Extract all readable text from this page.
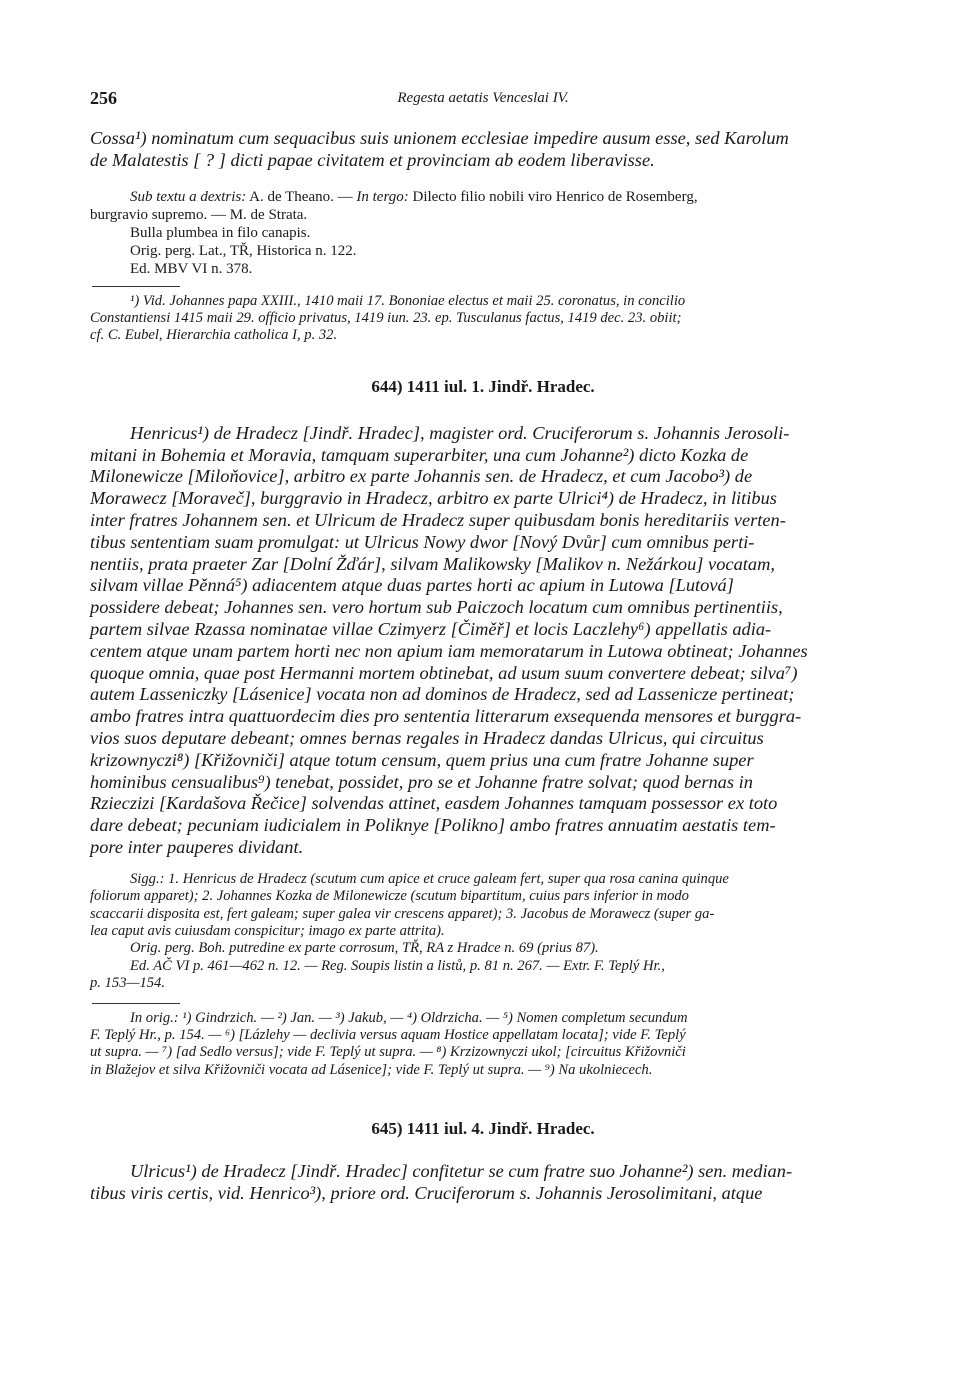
256	Regesta aetatis Venceslai IV.

Cossa¹) nominatum cum sequacibus suis unionem ecclesiae impedire ausum esse, sed Karolum

de Malatestis [ ? ] dicti papae civitatem et provinciam ab eodem liberavisse.

Sub textu a dextris: A. de Theano. — In tergo: Dilecto filio nobili viro Henrico de Rosemberg,

burgravio supremo. — M. de Strata.

Bulla plumbea in filo canapis.

Orig. perg. Lat., TŘ, Historica n. 122.

Ed. MBV VI n. 378.

¹) Vid. Johannes papa XXIII., 1410 maii 17. Bononiae electus et maii 25. coronatus, in concilio

Constantiensi 1415 maii 29. officio privatus, 1419 iun. 23. ep. Tusculanus factus, 1419 dec. 23. obiit;

cf. C. Eubel, Hierarchia catholica I, p. 32.

644) 1411 iul. 1. Jindř. Hradec.

Henricus¹) de Hradecz [Jindř. Hradec], magister ord. Cruciferorum s. Johannis Jerosoli-

mitani in Bohemia et Moravia, tamquam superarbiter, una cum Johanne²) dicto Kozka de

Milonewicze [Miloňovice], arbitro ex parte Johannis sen. de Hradecz, et cum Jacobo³) de

Morawecz [Moraveč], burggravio in Hradecz, arbitro ex parte Ulrici⁴) de Hradecz, in litibus

inter fratres Johannem sen. et Ulricum de Hradecz super quibusdam bonis hereditariis verten-

tibus sententiam suam promulgat: ut Ulricus Nowy dwor [Nový Dvůr] cum omnibus perti-

nentiis, prata praeter Zar [Dolní Žďár], silvam Malikowsky [Malikov n. Nežárkou] vocatam,

silvam villae Pěnná⁵) adiacentem atque duas partes horti ac apium in Lutowa [Lutová]

possidere debeat; Johannes sen. vero hortum sub Paiczoch locatum cum omnibus pertinentiis,

partem silvae Rzassa nominatae villae Czimyerz [Čiměř] et locis Laczlehy⁶) appellatis adia-

centem atque unam partem horti nec non apium iam memoratarum in Lutowa obtineat; Johannes

quoque omnia, quae post Hermanni mortem obtinebat, ad usum suum convertere debeat; silva⁷)

autem Lasseniczky [Lásenice] vocata non ad dominos de Hradecz, sed ad Lassenicze pertineat;

ambo fratres intra quattuordecim dies pro sententia litterarum exsequenda mensores et burggra-

vios suos deputare debeant; omnes bernas regales in Hradecz dandas Ulricus, qui circuitus

krizownyczi⁸) [Křižovniči] atque totum censum, quem prius una cum fratre Johanne super

hominibus censualibus⁹) tenebat, possidet, pro se et Johanne fratre solvat; quod bernas in

Rzieczizi [Kardašova Řečice] solvendas attinet, easdem Johannes tamquam possessor ex toto

dare debeat; pecuniam iudicialem in Poliknye [Polikno] ambo fratres annuatim aestatis tem-

pore inter pauperes dividant.

Sigg.: 1. Henricus de Hradecz (scutum cum apice et cruce galeam fert, super qua rosa canina quinque

foliorum apparet); 2. Johannes Kozka de Milonewicze (scutum bipartitum, cuius pars inferior in modo

scaccarii disposita est, fert galeam; super galea vir crescens apparet); 3. Jacobus de Morawecz (super ga-

lea caput avis cuiusdam conspicitur; imago ex parte attrita).

Orig. perg. Boh. putredine ex parte corrosum, TŘ, RA z Hradce n. 69 (prius 87).

Ed. AČ VI p. 461—462 n. 12. — Reg. Soupis listin a listů, p. 81 n. 267. — Extr. F. Teplý Hr.,

p. 153—154.

In orig.: ¹) Gindrzich. — ²) Jan. — ³) Jakub, — ⁴) Oldrzicha. — ⁵) Nomen completum secundum

F. Teplý Hr., p. 154. — ⁶) [Lázlehy — declivia versus aquam Hostice appellatam locata]; vide F. Teplý

ut supra. — ⁷) [ad Sedlo versus]; vide F. Teplý ut supra. — ⁸) Krzizownyczi ukol; [circuitus Křižovniči

in Blažejov et silva Křižovniči vocata ad Lásenice]; vide F. Teplý ut supra. — ⁹) Na ukolniecech.

645) 1411 iul. 4. Jindř. Hradec.

Ulricus¹) de Hradecz [Jindř. Hradec] confitetur se cum fratre suo Johanne²) sen. median-

tibus viris certis, vid. Henrico³), priore ord. Cruciferorum s. Johannis Jerosolimitani, atque
